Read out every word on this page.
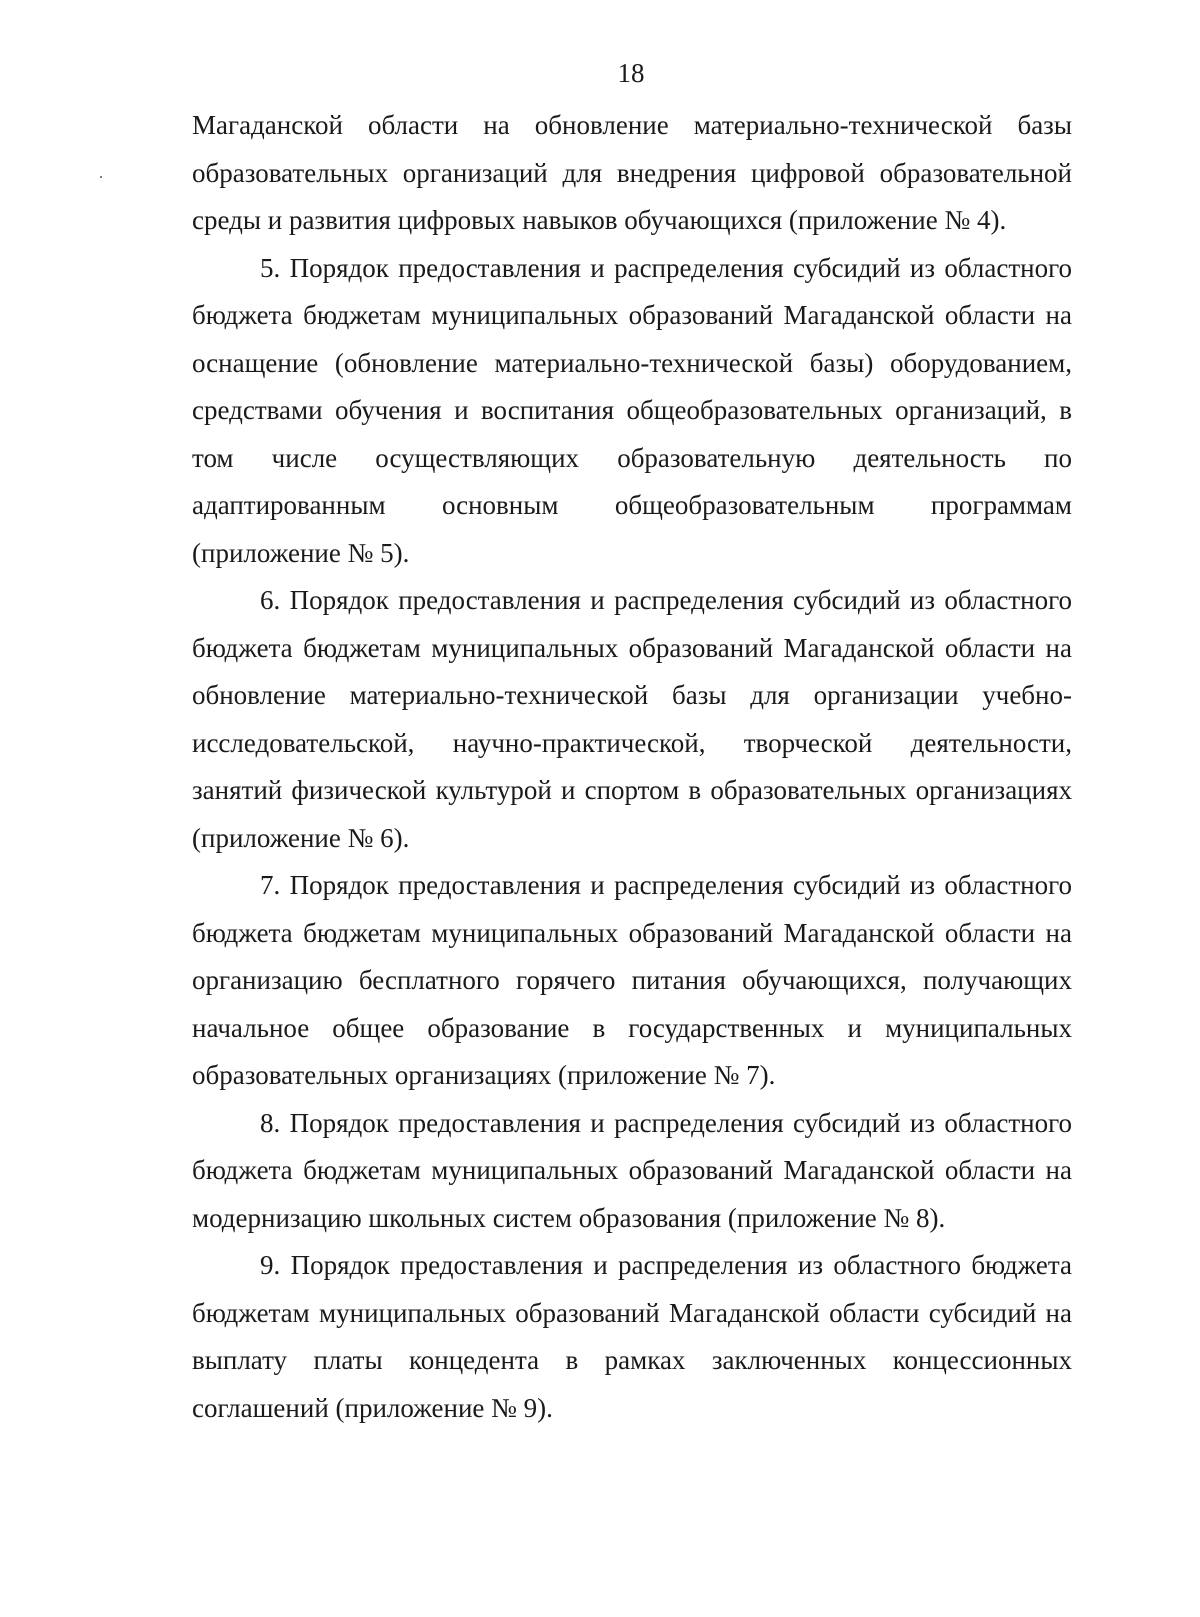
18

Магаданской области на обновление материально-технической базы образовательных организаций для внедрения цифровой образовательной среды и развития цифровых навыков обучающихся (приложение № 4).

5. Порядок предоставления и распределения субсидий из областного бюджета бюджетам муниципальных образований Магаданской области на оснащение (обновление материально-технической базы) оборудованием, средствами обучения и воспитания общеобразовательных организаций, в том числе осуществляющих образовательную деятельность по адаптированным основным общеобразовательным программам (приложение № 5).

6. Порядок предоставления и распределения субсидий из областного бюджета бюджетам муниципальных образований Магаданской области на обновление материально-технической базы для организации учебно-исследовательской, научно-практической, творческой деятельности, занятий физической культурой и спортом в образовательных организациях (приложение № 6).

7. Порядок предоставления и распределения субсидий из областного бюджета бюджетам муниципальных образований Магаданской области на организацию бесплатного горячего питания обучающихся, получающих начальное общее образование в государственных и муниципальных образовательных организациях (приложение № 7).

8. Порядок предоставления и распределения субсидий из областного бюджета бюджетам муниципальных образований Магаданской области на модернизацию школьных систем образования (приложение № 8).

9. Порядок предоставления и распределения из областного бюджета бюджетам муниципальных образований Магаданской области субсидий на выплату платы концедента в рамках заключенных концессионных соглашений (приложение № 9).
